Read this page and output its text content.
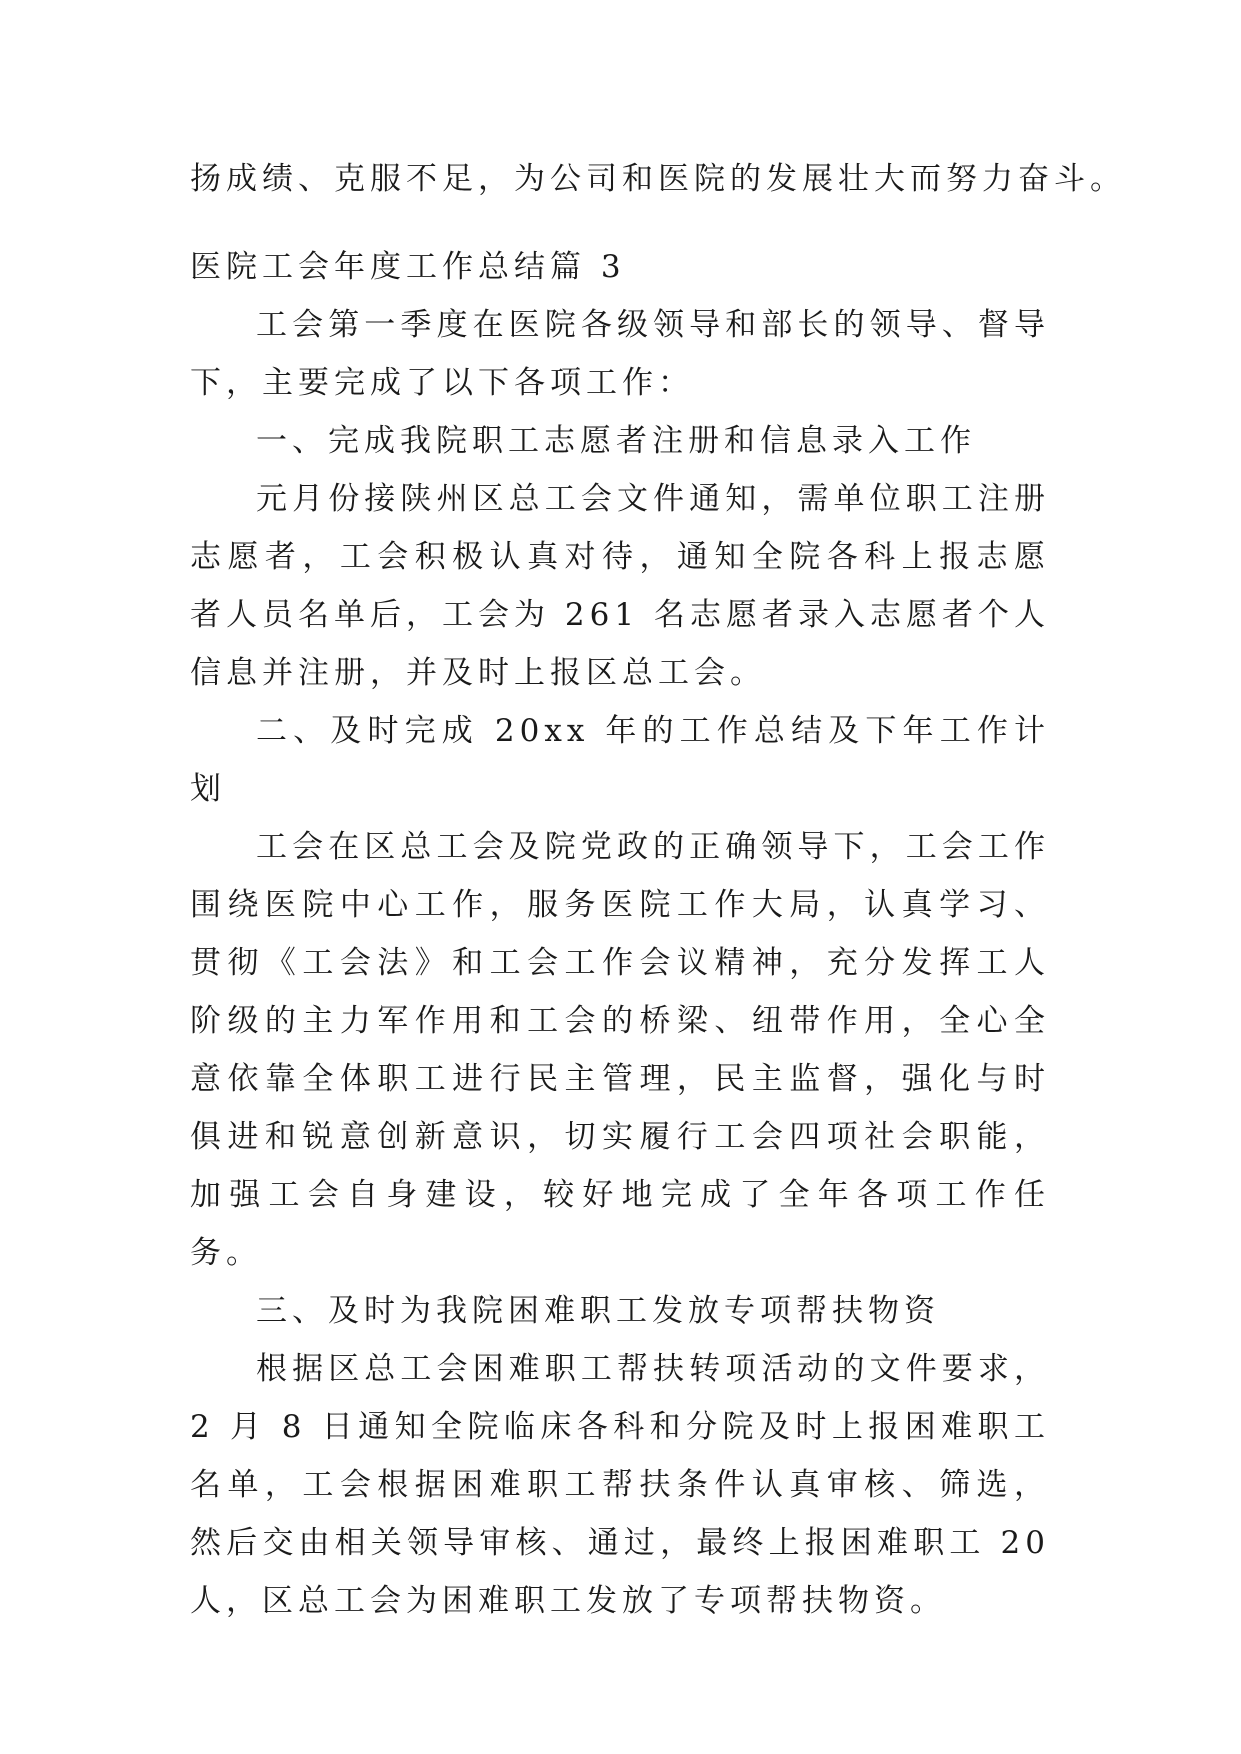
扬成绩、克服不足，为公司和医院的发展壮大而努力奋斗。

医院工会年度工作总结篇 3

工会第一季度在医院各级领导和部长的领导、督导下，主要完成了以下各项工作：

一、完成我院职工志愿者注册和信息录入工作

元月份接陕州区总工会文件通知，需单位职工注册志愿者，工会积极认真对待，通知全院各科上报志愿者人员名单后，工会为 261 名志愿者录入志愿者个人信息并注册，并及时上报区总工会。

二、及时完成 20xx 年的工作总结及下年工作计划

工会在区总工会及院党政的正确领导下，工会工作围绕医院中心工作，服务医院工作大局，认真学习、贯彻《工会法》和工会工作会议精神，充分发挥工人阶级的主力军作用和工会的桥梁、纽带作用，全心全意依靠全体职工进行民主管理，民主监督，强化与时俱进和锐意创新意识，切实履行工会四项社会职能，加强工会自身建设，较好地完成了全年各项工作任务。

三、及时为我院困难职工发放专项帮扶物资

根据区总工会困难职工帮扶转项活动的文件要求，2 月 8 日通知全院临床各科和分院及时上报困难职工名单，工会根据困难职工帮扶条件认真审核、筛选，然后交由相关领导审核、通过，最终上报困难职工 20 人，区总工会为困难职工发放了专项帮扶物资。
